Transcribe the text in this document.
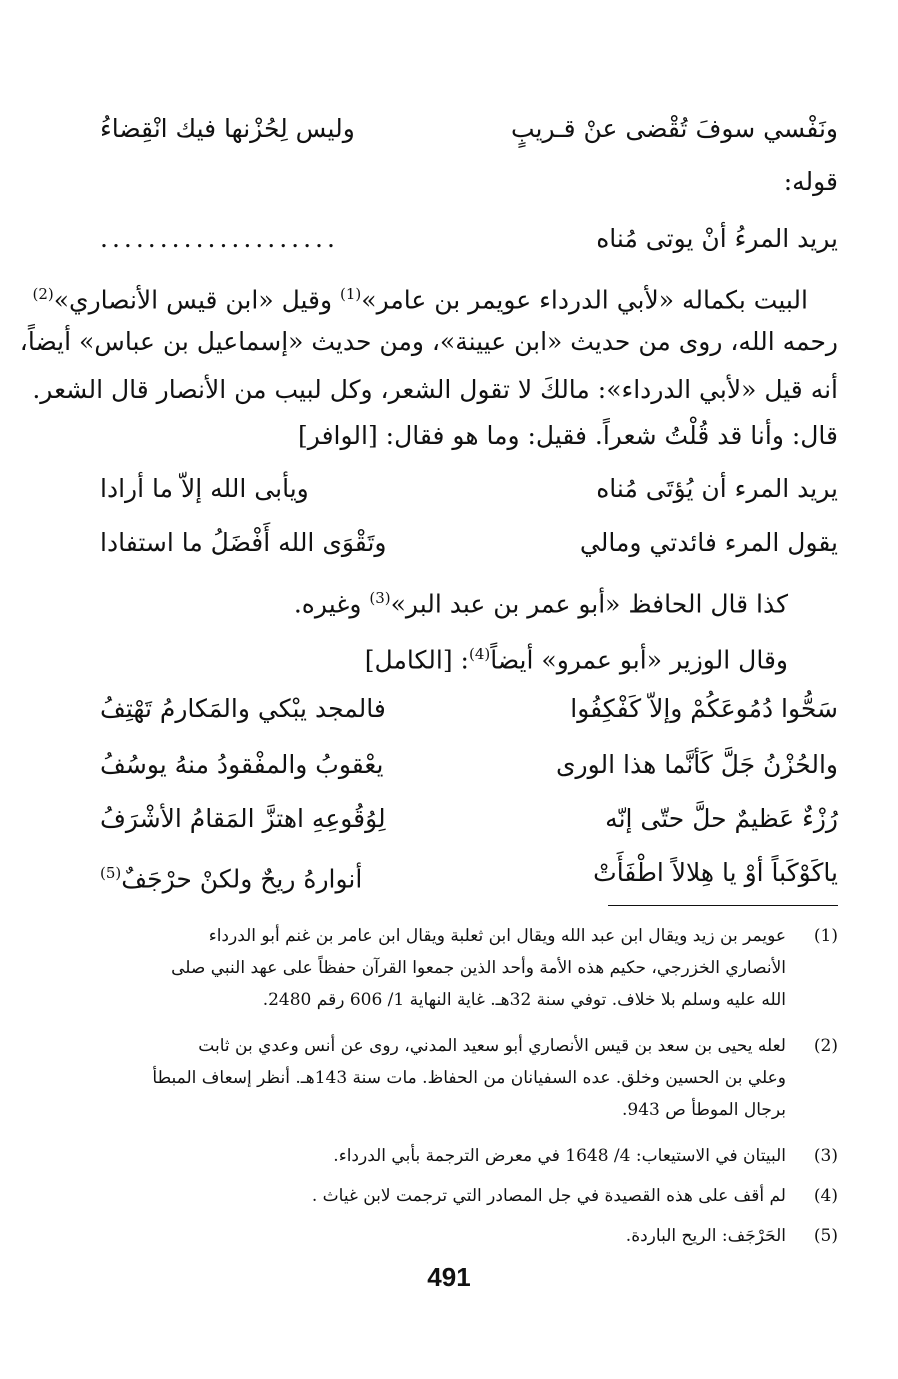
ونَفْسي سوفَ تُقْضى عنْ قـريبٍ
وليس لِحُزْنها فيك انْقِضاءُ
قوله:
يريد المرءُ أنْ يوتى مُناه
....................
البيت بكماله «لأبي الدرداء عويمر بن عامر»$^{(1)}$ وقيل «ابن قيس الأنصاري»$^{(2)}$
رحمه الله، روى من حديث «ابن عيينة»، ومن حديث «إسماعيل بن عباس» أيضاً،
أنه قيل «لأبي الدرداء»: مالكَ لا تقول الشعر، وكل لبيب من الأنصار قال الشعر.
قال: وأنا قد قُلْتُ شعراً. فقيل: وما هو فقال: [الوافر]
يريد المرء أن يُؤتَى مُناه
ويأبى الله إلاّ ما أرادا
يقول المرء فائدتي ومالي
وتَقْوَى الله أَفْضَلُ ما استفادا
كذا قال الحافظ «أبو عمر بن عبد البر»$^{(3)}$ وغيره.
وقال الوزير «أبو عمرو» أيضاً$^{(4)}$: [الكامل]
سَحُّوا دُمُوعَكُمْ وإلاّ كَفْكِفُوا
فالمجد يبْكي والمَكارمُ تَهْتِفُ
والحُزْنُ جَلَّ كَأنَّما هذا الورى
يعْقوبُ والمفْقودُ منهُ يوسُفُ
رُزْءٌ عَظيمٌ حلَّ حتّى إنّه
لِوُقُوعِهِ اهتزَّ المَقامُ الأشْرَفُ
ياكَوْكَباً أوْ يا هِلالاً اطْفَأَتْ
أنوارهُ ريحٌ ولكنْ حرْجَفٌ$^{(5)}$
(1)
عويمر بن زيد ويقال ابن عبد الله ويقال ابن ثعلبة ويقال ابن عامر بن غنم أبو الدرداء
الأنصاري الخزرجي، حكيم هذه الأمة وأحد الذين جمعوا القرآن حفظاً على عهد النبي صلى
الله عليه وسلم بلا خلاف. توفي سنة 32هـ. غاية النهاية 1/ 606 رقم 2480.
(2)
لعله يحيى بن سعد بن قيس الأنصاري أبو سعيد المدني، روى عن أنس وعدي بن ثابت
وعلي بن الحسين وخلق. عده السفيانان من الحفاظ. مات سنة 143هـ. أنظر إسعاف المبطأ
برجال الموطأ ص 943.
(3)
البيتان في الاستيعاب: 4/ 1648 في معرض الترجمة بأبي الدرداء.
(4)
لم أقف على هذه القصيدة في جل المصادر التي ترجمت لابن غياث .
(5)
الحَرْجَف: الريح الباردة.
491
